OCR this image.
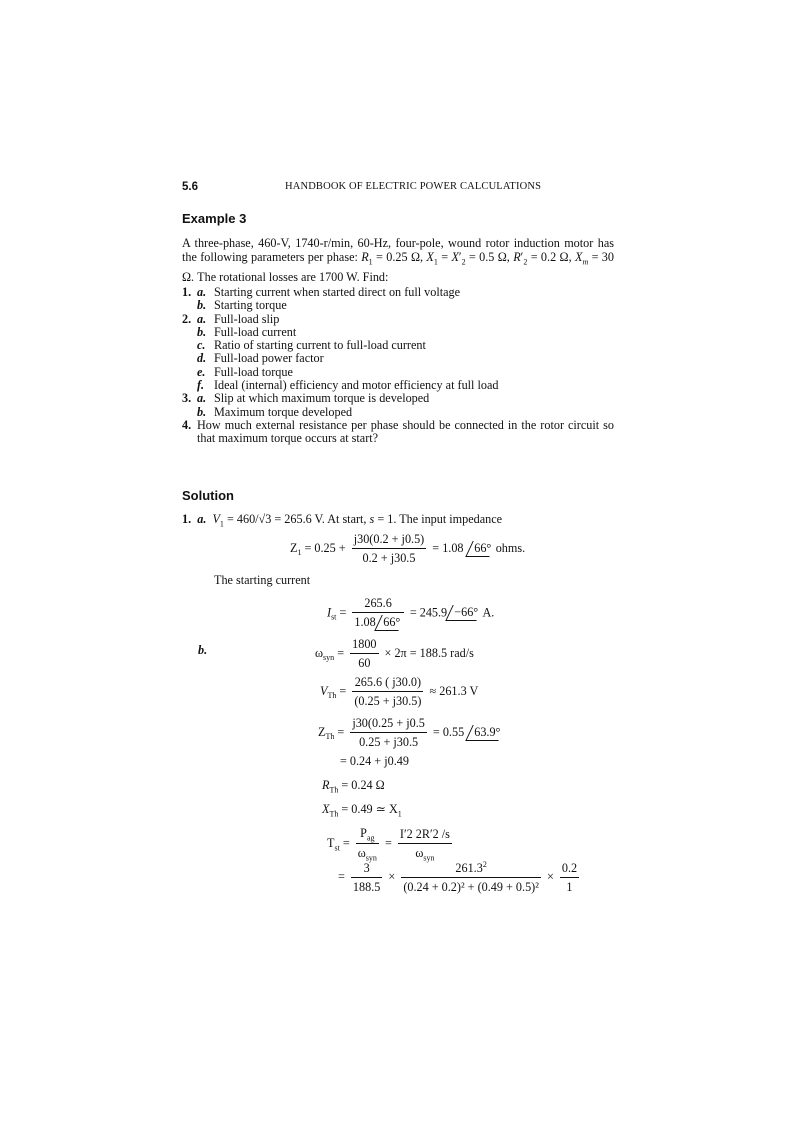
5.6	HANDBOOK OF ELECTRIC POWER CALCULATIONS
Example 3
A three-phase, 460-V, 1740-r/min, 60-Hz, four-pole, wound rotor induction motor has the following parameters per phase: $R_1 = 0.25$ Ω, $X_1 = X'_2 = 0.5$ Ω, $R'_2 = 0.2$ Ω, $X_m = 30$ Ω. The rotational losses are 1700 W. Find:
1. a. Starting current when started direct on full voltage
b. Starting torque
2. a. Full-load slip
b. Full-load current
c. Ratio of starting current to full-load current
d. Full-load power factor
e. Full-load torque
f. Ideal (internal) efficiency and motor efficiency at full load
3. a. Slip at which maximum torque is developed
b. Maximum torque developed
4. How much external resistance per phase should be connected in the rotor circuit so that maximum torque occurs at start?
Solution
1. a. $V_1 = 460/√3 = 265.6$ V. At start, s = 1. The input impedance
$Z_1 = 0.25 + \frac{j30(0.2 + j0.5)}{0.2 + j30.5} = 1.08$ 66° ohms.
The starting current
$I_{st} = \frac{265.6}{1.08 66^\circ} = 245.9 -66^\circ$ A.
b.	$\omega_{syn} = \frac{1800}{60} \times 2\pi = 188.5$ rad/s
$V_{Th} = \frac{265.6 ( j30.0)}{(0.25 + j30.5)} \approx 261.3$ V
$Z_{Th} = \frac{j30(0.25 + j0.5}{0.25 + j30.5} = 0.55$ 63.9°
= 0.24 + j0.49
$R_{Th} = 0.24$ Ω
$X_{Th} = 0.49$ ≃ $X_1$
$T_{st} = \frac{P_{ag}}{\omega_{syn}} = \frac{I'2 2R'2 /s}{\omega_{syn}}$
= $\frac{3}{188.5} \times \frac{261.3^2}{\text{(0.24 + 0.2)² + (0.49 + 0.5)²}} \times \frac{0.2}{1}$
